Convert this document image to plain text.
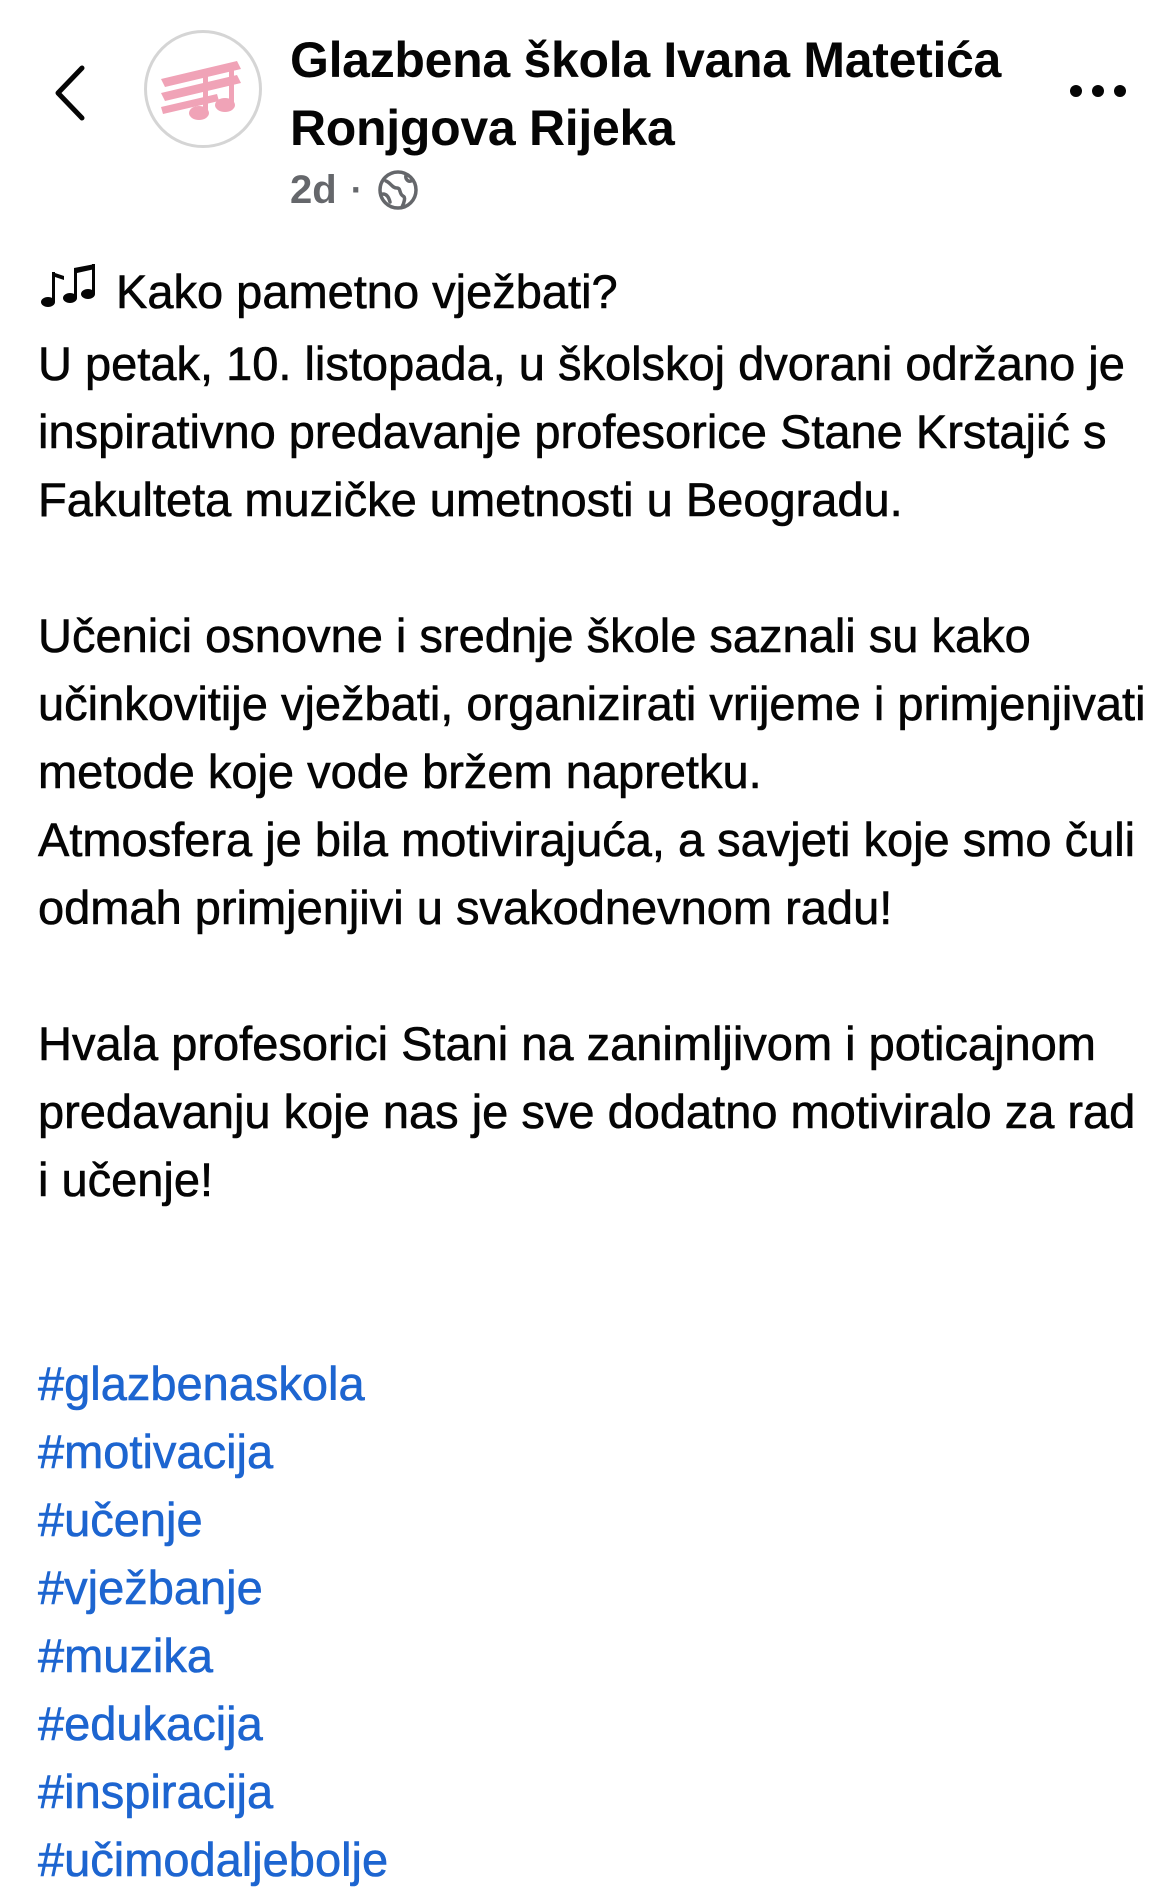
Glazbena škola Ivana Matetića Ronjgova Rijeka
2d ·

Kako pametno vježbati?

U petak, 10. listopada, u školskoj dvorani održano je inspirativno predavanje profesorice Stane Krstajić s Fakulteta muzičke umetnosti u Beogradu.

Učenici osnovne i srednje škole saznali su kako učinkovitije vježbati, organizirati vrijeme i primjenjivati metode koje vode bržem napretku.

Atmosfera je bila motivirajuća, a savjeti koje smo čuli odmah primjenjivi u svakodnevnom radu!

Hvala profesorici Stani na zanimljivom i poticajnom predavanju koje nas je sve dodatno motiviralo za rad i učenje!

#glazbenaskola
#motivacija
#učenje
#vježbanje
#muzika
#edukacija
#inspiracija
#učimodaljebolje
